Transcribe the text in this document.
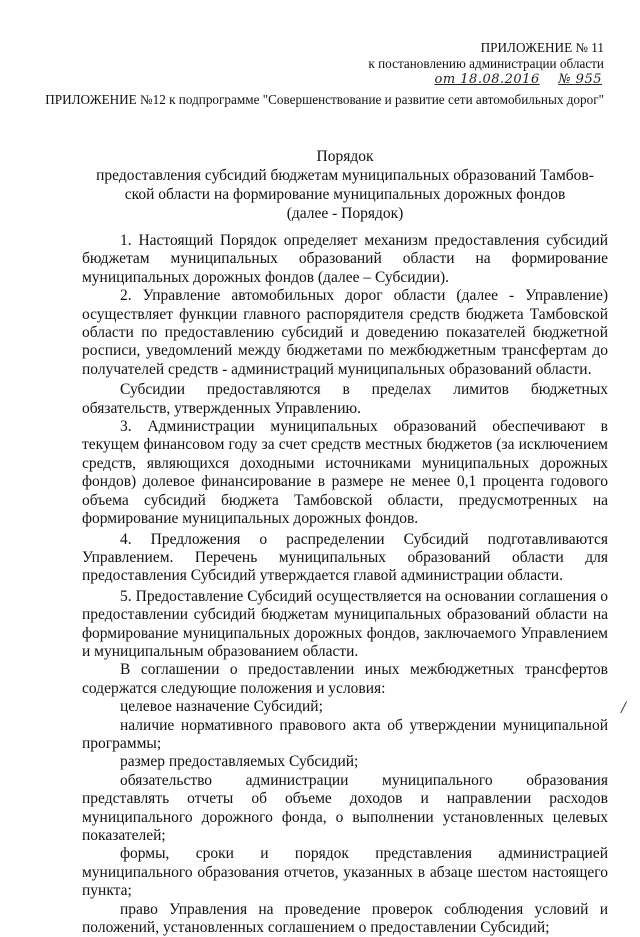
ПРИЛОЖЕНИЕ № 11
к постановлению администрации области
от 18.08.2016 № 955
ПРИЛОЖЕНИЕ №12 к подпрограмме "Совершенствование и развитие сети автомобильных дорог"
Порядок
предоставления субсидий бюджетам муниципальных образований Тамбов-
ской области на формирование муниципальных дорожных фондов
(далее - Порядок)

1. Настоящий Порядок определяет механизм предоставления субсидий бюджетам муниципальных образований области на формирование муниципальных дорожных фондов (далее – Субсидии).

2. Управление автомобильных дорог области (далее - Управление) осуществляет функции главного распорядителя средств бюджета Тамбовской области по предоставлению субсидий и доведению показателей бюджетной росписи, уведомлений между бюджетами по межбюджетным трансфертам до получателей средств - администраций муниципальных образований области.

Субсидии предоставляются в пределах лимитов бюджетных обязательств, утвержденных Управлению.

3. Администрации муниципальных образований обеспечивают в текущем финансовом году за счет средств местных бюджетов (за исключением средств, являющихся доходными источниками муниципальных дорожных фондов) долевое финансирование в размере не менее 0,1 процента годового объема субсидий бюджета Тамбовской области, предусмотренных на формирование муниципальных дорожных фондов.

4. Предложения о распределении Субсидий подготавливаются Управлением. Перечень муниципальных образований области для предоставления Субсидий утверждается главой администрации области.

5. Предоставление Субсидий осуществляется на основании соглашения о предоставлении субсидий бюджетам муниципальных образований области на формирование муниципальных дорожных фондов, заключаемого Управлением и муниципальным образованием области.

В соглашении о предоставлении иных межбюджетных трансфертов содержатся следующие положения и условия:

целевое назначение Субсидий;

наличие нормативного правового акта об утверждении муниципальной программы;

размер предоставляемых Субсидий;

обязательство администрации муниципального образования представлять отчеты об объеме доходов и направлении расходов муниципального дорожного фонда, о выполнении установленных целевых показателей;

формы, сроки и порядок представления администрацией муниципального образования отчетов, указанных в абзаце шестом настоящего пункта;

право Управления на проведение проверок соблюдения условий и положений, установленных соглашением о предоставлении Субсидий;

/
